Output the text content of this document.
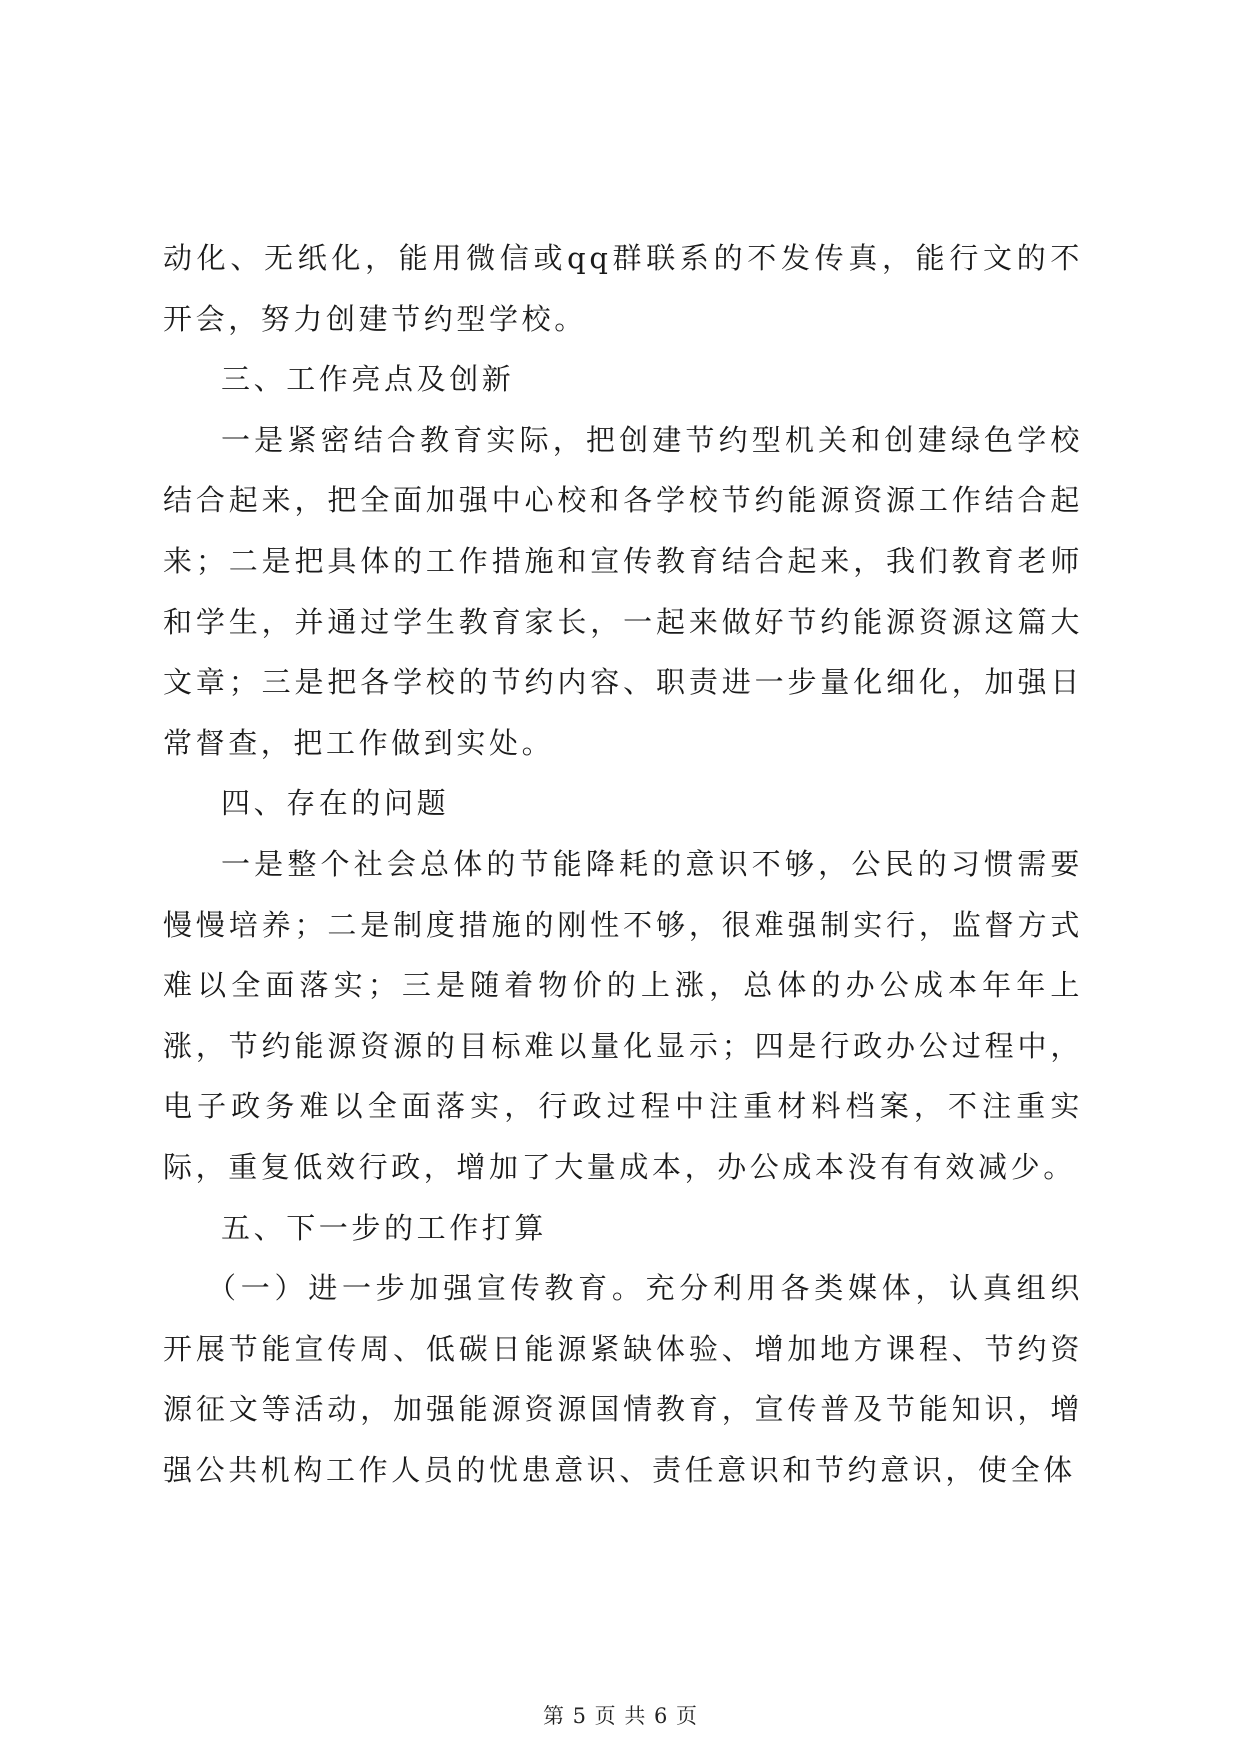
动化、无纸化，能用微信或qq群联系的不发传真，能行文的不开会，努力创建节约型学校。

三、工作亮点及创新

一是紧密结合教育实际，把创建节约型机关和创建绿色学校结合起来，把全面加强中心校和各学校节约能源资源工作结合起来；二是把具体的工作措施和宣传教育结合起来，我们教育老师和学生，并通过学生教育家长，一起来做好节约能源资源这篇大文章；三是把各学校的节约内容、职责进一步量化细化，加强日常督查，把工作做到实处。

四、存在的问题

一是整个社会总体的节能降耗的意识不够，公民的习惯需要慢慢培养；二是制度措施的刚性不够，很难强制实行，监督方式难以全面落实；三是随着物价的上涨，总体的办公成本年年上涨，节约能源资源的目标难以量化显示；四是行政办公过程中，电子政务难以全面落实，行政过程中注重材料档案，不注重实际，重复低效行政，增加了大量成本，办公成本没有有效减少。

五、下一步的工作打算

（一）进一步加强宣传教育。充分利用各类媒体，认真组织开展节能宣传周、低碳日能源紧缺体验、增加地方课程、节约资源征文等活动，加强能源资源国情教育，宣传普及节能知识，增强公共机构工作人员的忧患意识、责任意识和节约意识，使全体

第 5 页 共 6 页
